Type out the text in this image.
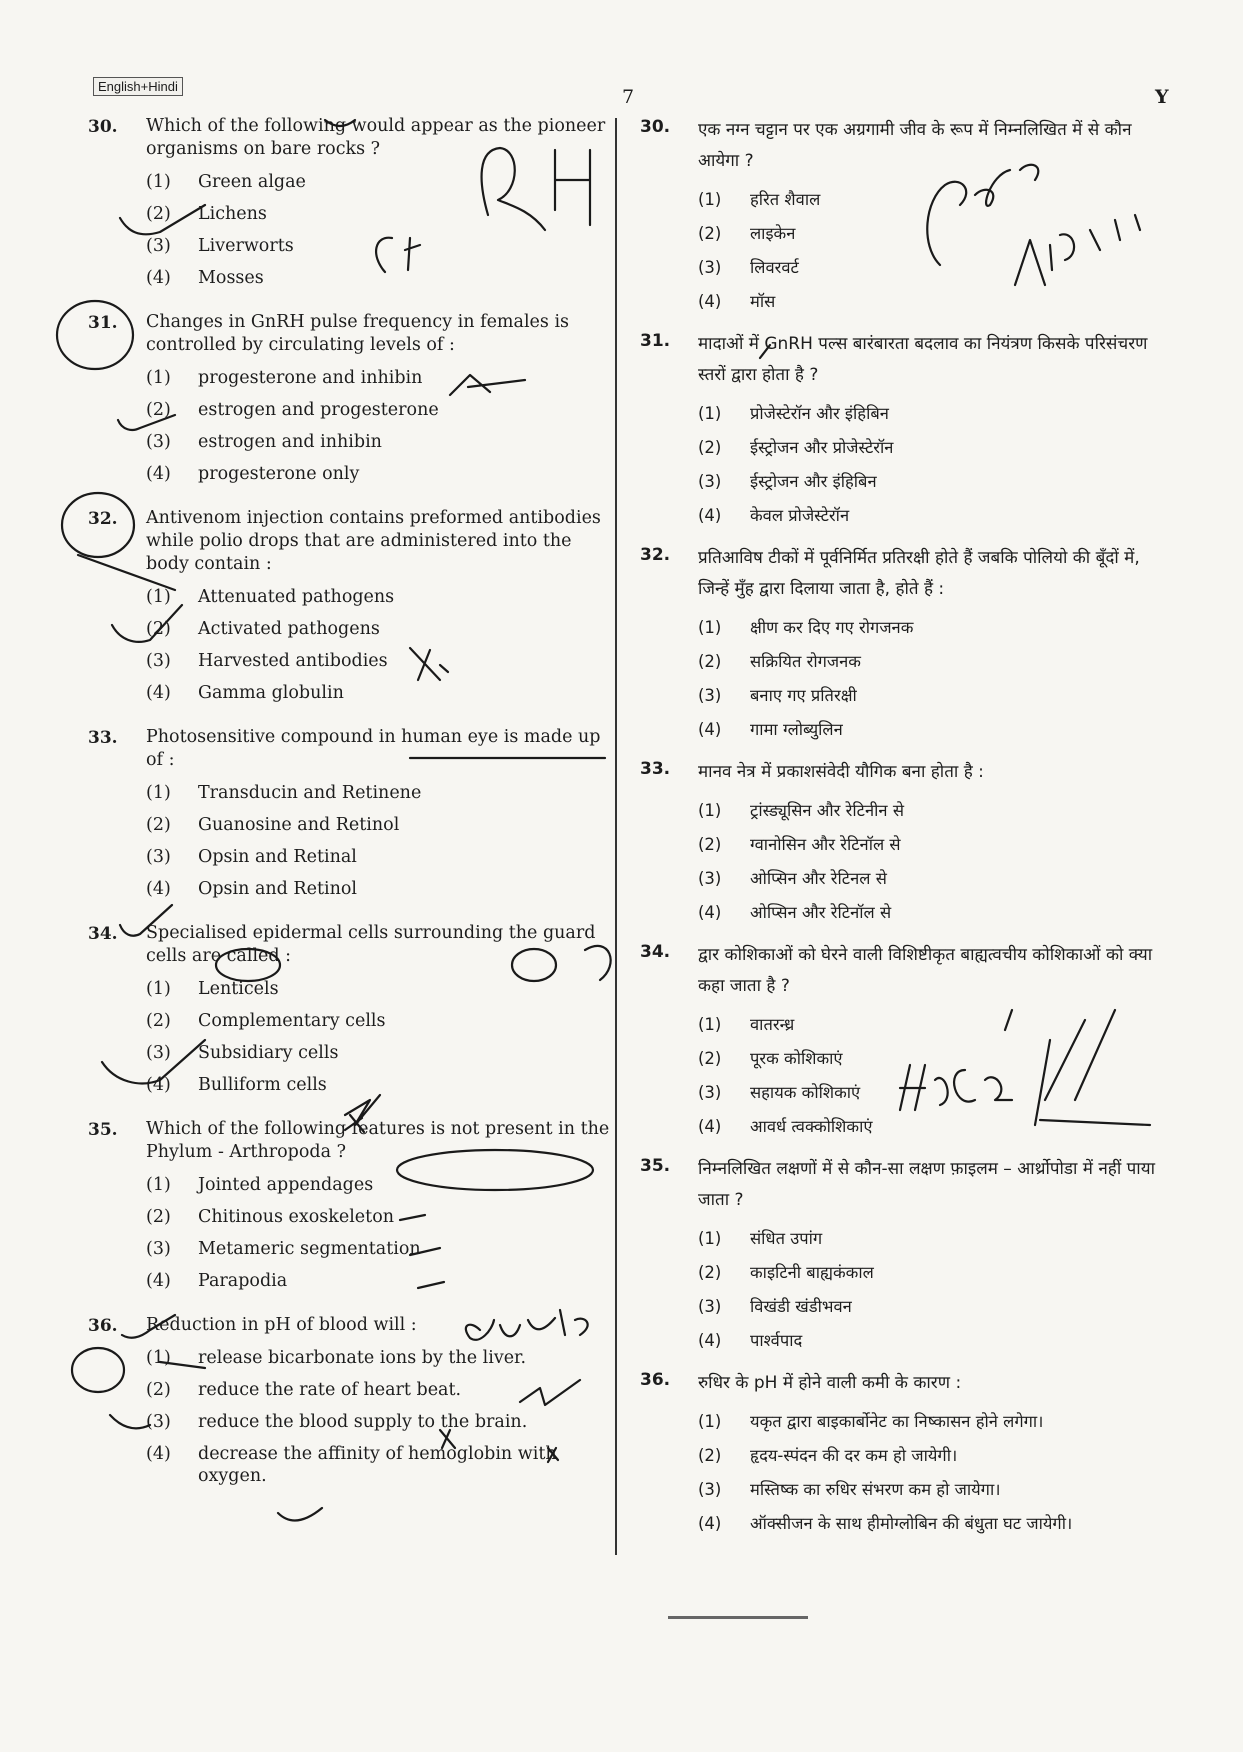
English+Hindi	7	Y
30.	Which of the following would appear as the pioneer organisms on bare rocks ?
(1)	Green algae
(2)	Lichens
(3)	Liverworts
(4)	Mosses
31.	Changes in GnRH pulse frequency in females is controlled by circulating levels of :
(1)	progesterone and inhibin
(2)	estrogen and progesterone
(3)	estrogen and inhibin
(4)	progesterone only
32.	Antivenom injection contains preformed antibodies while polio drops that are administered into the body contain :
(1)	Attenuated pathogens
(2)	Activated pathogens
(3)	Harvested antibodies
(4)	Gamma globulin
33.	Photosensitive compound in human eye is made up of :
(1)	Transducin and Retinene
(2)	Guanosine and Retinol
(3)	Opsin and Retinal
(4)	Opsin and Retinol
34.	Specialised epidermal cells surrounding the guard cells are called :
(1)	Lenticels
(2)	Complementary cells
(3)	Subsidiary cells
(4)	Bulliform cells
35.	Which of the following features is not present in the Phylum - Arthropoda ?
(1)	Jointed appendages
(2)	Chitinous exoskeleton
(3)	Metameric segmentation
(4)	Parapodia
36.	Reduction in pH of blood will :
(1)	release bicarbonate ions by the liver.
(2)	reduce the rate of heart beat.
(3)	reduce the blood supply to the brain.
(4)	decrease the affinity of hemoglobin with oxygen.
30.	एक नग्न चट्टान पर एक अग्रगामी जीव के रूप में निम्नलिखित में से कौन आयेगा ?
(1)	हरित शैवाल
(2)	लाइकेन
(3)	लिवरवर्ट
(4)	मॉस
31.	मादाओं में GnRH पल्स बारंबारता बदलाव का नियंत्रण किसके परिसंचरण स्तरों द्वारा होता है ?
(1)	प्रोजेस्टेरॉन और इंहिबिन
(2)	ईस्ट्रोजन और प्रोजेस्टेरॉन
(3)	ईस्ट्रोजन और इंहिबिन
(4)	केवल प्रोजेस्टेरॉन
32.	प्रतिआविष टीकों में पूर्वनिर्मित प्रतिरक्षी होते हैं जबकि पोलियो की बूँदों में, जिन्हें मुँह द्वारा दिलाया जाता है, होते हैं :
(1)	क्षीण कर दिए गए रोगजनक
(2)	सक्रियित रोगजनक
(3)	बनाए गए प्रतिरक्षी
(4)	गामा ग्लोब्युलिन
33.	मानव नेत्र में प्रकाशसंवेदी यौगिक बना होता है :
(1)	ट्रांस्ड्यूसिन और रेटिनीन से
(2)	ग्वानोसिन और रेटिनॉल से
(3)	ओप्सिन और रेटिनल से
(4)	ओप्सिन और रेटिनॉल से
34.	द्वार कोशिकाओं को घेरने वाली विशिष्टीकृत बाह्यत्वचीय कोशिकाओं को क्या कहा जाता है ?
(1)	वातरन्ध्र
(2)	पूरक कोशिकाएं
(3)	सहायक कोशिकाएं
(4)	आवर्ध त्वक्कोशिकाएं
35.	निम्नलिखित लक्षणों में से कौन-सा लक्षण फ़ाइलम – आर्थ्रोपोडा में नहीं पाया जाता ?
(1)	संधित उपांग
(2)	काइटिनी बाह्यकंकाल
(3)	विखंडी खंडीभवन
(4)	पार्श्वपाद
36.	रुधिर के pH में होने वाली कमी के कारण :
(1)	यकृत द्वारा बाइकार्बोनेट का निष्कासन होने लगेगा।
(2)	हृदय-स्पंदन की दर कम हो जायेगी।
(3)	मस्तिष्क का रुधिर संभरण कम हो जायेगा।
(4)	ऑक्सीजन के साथ हीमोग्लोबिन की बंधुता घट जायेगी।
